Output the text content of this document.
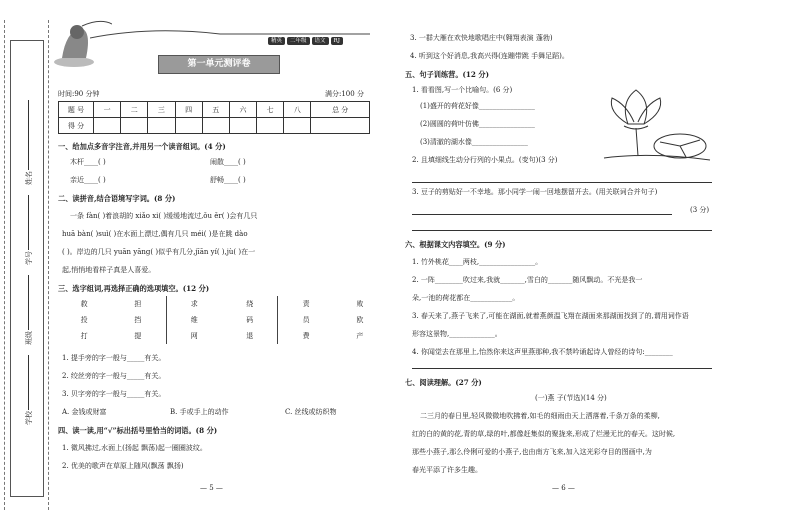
姓名
学号
班级
学校
精英 二年级 语文 RJ
第一单元测评卷
时间:90 分钟	满分:100 分
题 号	一	二	三	四	五	六	七	八	总 分
得 分									
一、给加点多音字注音,并用另一个读音组词。(4 分)
木杆____( )	闹散____( )
亲近____( )	舒畅____( )
二、读拼音,结合语境写字词。(8 分)
一条 fàn( )着浪胡的 xiǎo xi( )缓缓地流过,ǒu ěr( )会有几只
huā bàn( )suì( )在水面上漂过,偶有几只 méi( )是在跳 dào
( )。岸边的几只 yuān yāng( )似乎有几分,jīān yí( ),jù( )在一
起,悄悄地看样子真是人喜爱。
三、选字组词,再选择正确的选项填空。(12 分)
救	担	求	绕	责	败
投	挡	维	码	员	欧
打	提	网	退	费	产
1. 提手旁的字一般与_____有关。
2. 绞丝旁的字一般与_____有关。
3. 贝字旁的字一般与_____有关。
A. 金钱或财富	B. 手或手上的动作	C. 丝线或纺织物
四、读一读,用“√”标出括号里恰当的词语。(8 分)
1. 微风拂过,水面上(扬起 飘荡)起一圈圈波纹。
2. 优美的歌声在草原上随风(飘荡 飘扬)
— 5 —
3. 一群大雁在欢快地歌唱庄中(翱翔表演 蓬勃)
4. 听到这个好消息,我高兴得(连蹦带跳 手舞足蹈)。
五、句子训练营。(12 分)
1. 看看图,写一个比喻句。(6 分)
(1)盛开的荷花好像________________
(2)圆圆的荷叶仿佛________________
(3)清澈的湖水像________________
2. 且填细线生动分行列的小果点。(变句)(3 分)
3. 豆子的剪贴好一不幸地。那小同学一闹一回地摆留开去。(用关联词合并句子)
(3 分)
六、根据课文内容填空。(9 分)
1. 竹外桃花____两枝,________________。
2. 一阵________吹过来,我就_______,雪白的_______随风飘动。不光是我一
朵,一池的荷花都在____________。
3. 春天来了,燕子飞来了,可能在湖面,就着燕颜温飞翔在湖面来那湖面找到了的,谓用词作语
形容这景物,_____________。
4. 你闻觉去在那里上,怡然你来这声里燕那种,我不禁吟诵起诗人曾经的诗句:________
七、阅读理解。(27 分)
(一)燕 子(节选)(14 分)
二三月的春日里,轻风微微地吹拂着,如毛的细雨由天上洒落着,千条万条的柔柳,
红的白的黄的花,青的草,绿的叶,都像赶集似的聚拢来,形成了烂漫无比的春天。这时候,
那些小燕子,那么伶俐可爱的小燕子,也由南方飞来,加入这光彩夺目的图画中,为
春光平添了许多生趣。
— 6 —
